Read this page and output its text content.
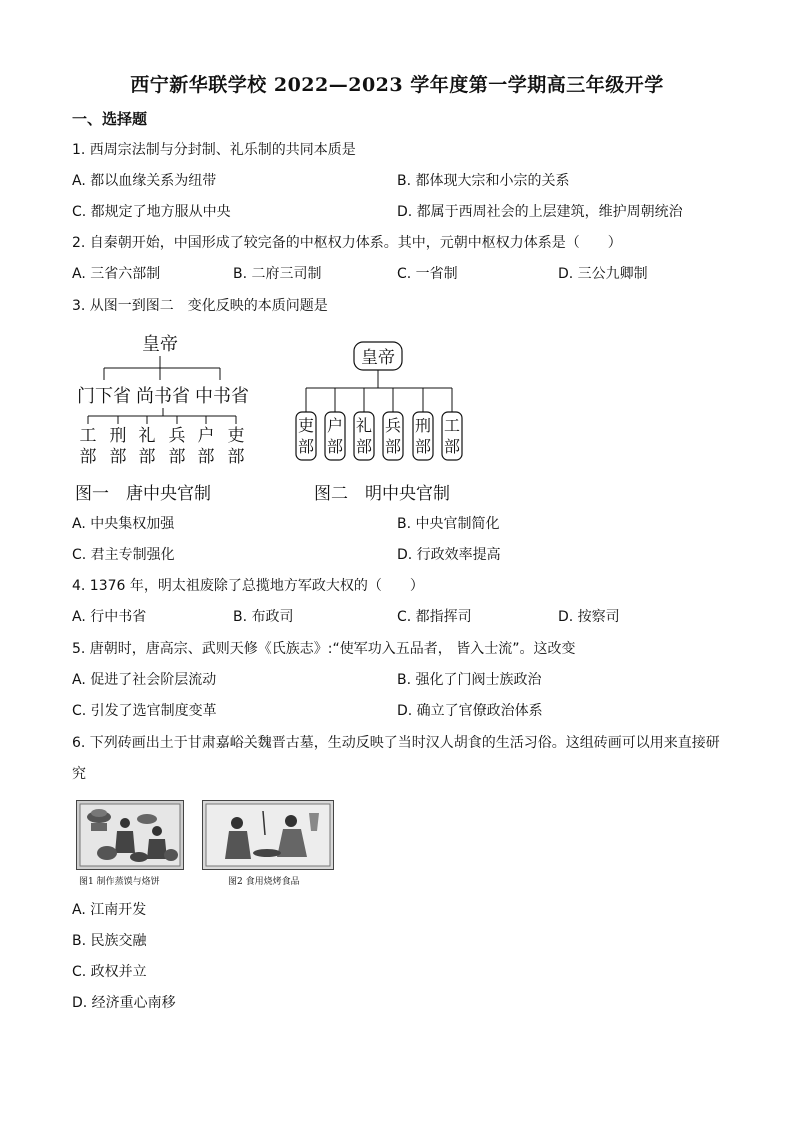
西宁新华联学校 2022—2023 学年度第一学期高三年级开学
一、选择题
1. 西周宗法制与分封制、礼乐制的共同本质是
A. 都以血缘关系为纽带	B. 都体现大宗和小宗的关系
C. 都规定了地方服从中央	D. 都属于西周社会的上层建筑，维护周朝统治
2. 自秦朝开始，中国形成了较完备的中枢权力体系。其中，元朝中枢权力体系是（　　）
A. 三省六部制	B. 二府三司制	C. 一省制	D. 三公九卿制
3. 从图一到图二　变化反映的本质问题是
皇帝
门下省 尚书省 中书省
工
部
刑
部
礼
部
兵
部
户
部
吏
部
图一　唐中央官制
皇帝
吏
部
户
部
礼
部
兵
部
刑
部
工
部
图二　明中央官制
A. 中央集权加强	B. 中央官制简化
C. 君主专制强化	D. 行政效率提高
4. 1376 年，明太祖废除了总揽地方军政大权的（　　）
A. 行中书省	B. 布政司	C. 都指挥司	D. 按察司
5. 唐朝时，唐高宗、武则天修《氏族志》:“使军功入五品者， 皆入士流”。这改变
A. 促进了社会阶层流动	B. 强化了门阀士族政治
C. 引发了选官制度变革	D. 确立了官僚政治体系
6. 下列砖画出土于甘肃嘉峪关魏晋古墓，生动反映了当时汉人胡食的生活习俗。这组砖画可以用来直接研
究
图1 制作蒸馍与烙饼	图2 食用烧烤食品
A. 江南开发
B. 民族交融
C. 政权并立
D. 经济重心南移
